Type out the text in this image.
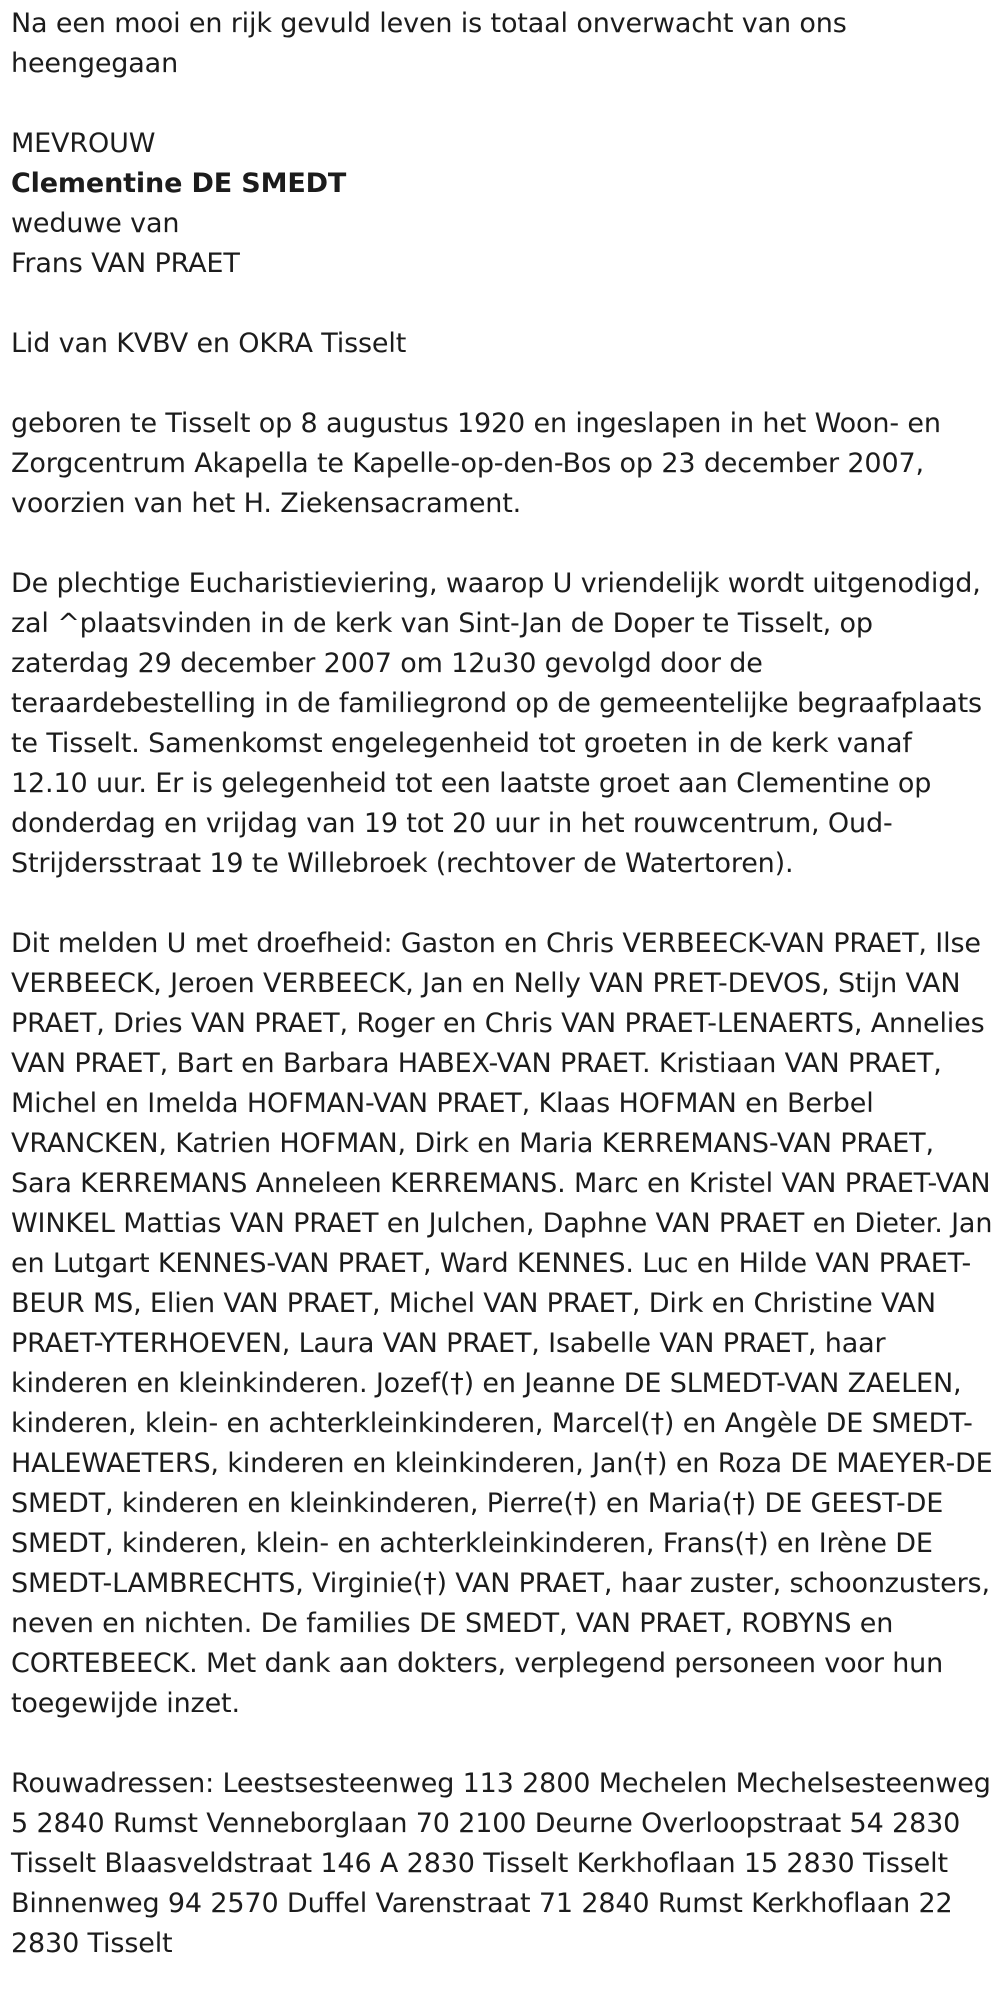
Na een mooi en rijk gevuld leven is totaal onverwacht van ons heengegaan

MEVROUW
Clementine DE SMEDT
weduwe van
Frans VAN PRAET

Lid van KVBV en OKRA Tisselt

geboren te Tisselt op 8 augustus 1920 en ingeslapen in het Woon- en Zorgcentrum Akapella te Kapelle-op-den-Bos op 23 december 2007, voorzien van het H. Ziekensacrament.

De plechtige Eucharistieviering, waarop U vriendelijk wordt uitgenodigd, zal ^plaatsvinden in de kerk van Sint-Jan de Doper te Tisselt, op zaterdag 29 december 2007 om 12u30 gevolgd door de teraardebestelling in de familiegrond op de gemeentelijke begraafplaats te Tisselt. Samenkomst engelegenheid tot groeten in de kerk vanaf 12.10 uur. Er is gelegenheid tot een laatste groet aan Clementine op donderdag en vrijdag van 19 tot 20 uur in het rouwcentrum, Oud-Strijdersstraat 19 te Willebroek (rechtover de Watertoren).

Dit melden U met droefheid: Gaston en Chris VERBEECK-VAN PRAET, Ilse VERBEECK, Jeroen VERBEECK, Jan en Nelly VAN PRET-DEVOS, Stijn VAN PRAET, Dries VAN PRAET, Roger en Chris VAN PRAET-LENAERTS, Annelies VAN PRAET, Bart en Barbara HABEX-VAN PRAET. Kristiaan VAN PRAET, Michel en Imelda HOFMAN-VAN PRAET, Klaas HOFMAN en Berbel VRANCKEN, Katrien HOFMAN, Dirk en Maria KERREMANS-VAN PRAET, Sara KERREMANS Anneleen KERREMANS. Marc en Kristel VAN PRAET-VAN WINKEL Mattias VAN PRAET en Julchen, Daphne VAN PRAET en Dieter. Jan en Lutgart KENNES-VAN PRAET, Ward KENNES. Luc en Hilde VAN PRAET-BEUR MS, Elien VAN PRAET, Michel VAN PRAET, Dirk en Christine VAN PRAET-YTERHOEVEN, Laura VAN PRAET, Isabelle VAN PRAET, haar kinderen en kleinkinderen. Jozef(†) en Jeanne DE SLMEDT-VAN ZAELEN, kinderen, klein- en achterkleinkinderen, Marcel(†) en Angèle DE SMEDT-HALEWAETERS, kinderen en kleinkinderen, Jan(†) en Roza DE MAEYER-DE SMEDT, kinderen en kleinkinderen, Pierre(†) en Maria(†) DE GEEST-DE SMEDT, kinderen, klein- en achterkleinkinderen, Frans(†) en Irène DE SMEDT-LAMBRECHTS, Virginie(†) VAN PRAET, haar zuster, schoonzusters, neven en nichten. De families DE SMEDT, VAN PRAET, ROBYNS en CORTEBEECK. Met dank aan dokters, verplegend personeen voor hun toegewijde inzet.

Rouwadressen: Leestsesteenweg 113 2800 Mechelen Mechelsesteenweg 5 2840 Rumst Venneborglaan 70 2100 Deurne Overloopstraat 54 2830 Tisselt Blaasveldstraat 146 A 2830 Tisselt Kerkhoflaan 15 2830 Tisselt Binnenweg 94 2570 Duffel Varenstraat 71 2840 Rumst Kerkhoflaan 22 2830 Tisselt
